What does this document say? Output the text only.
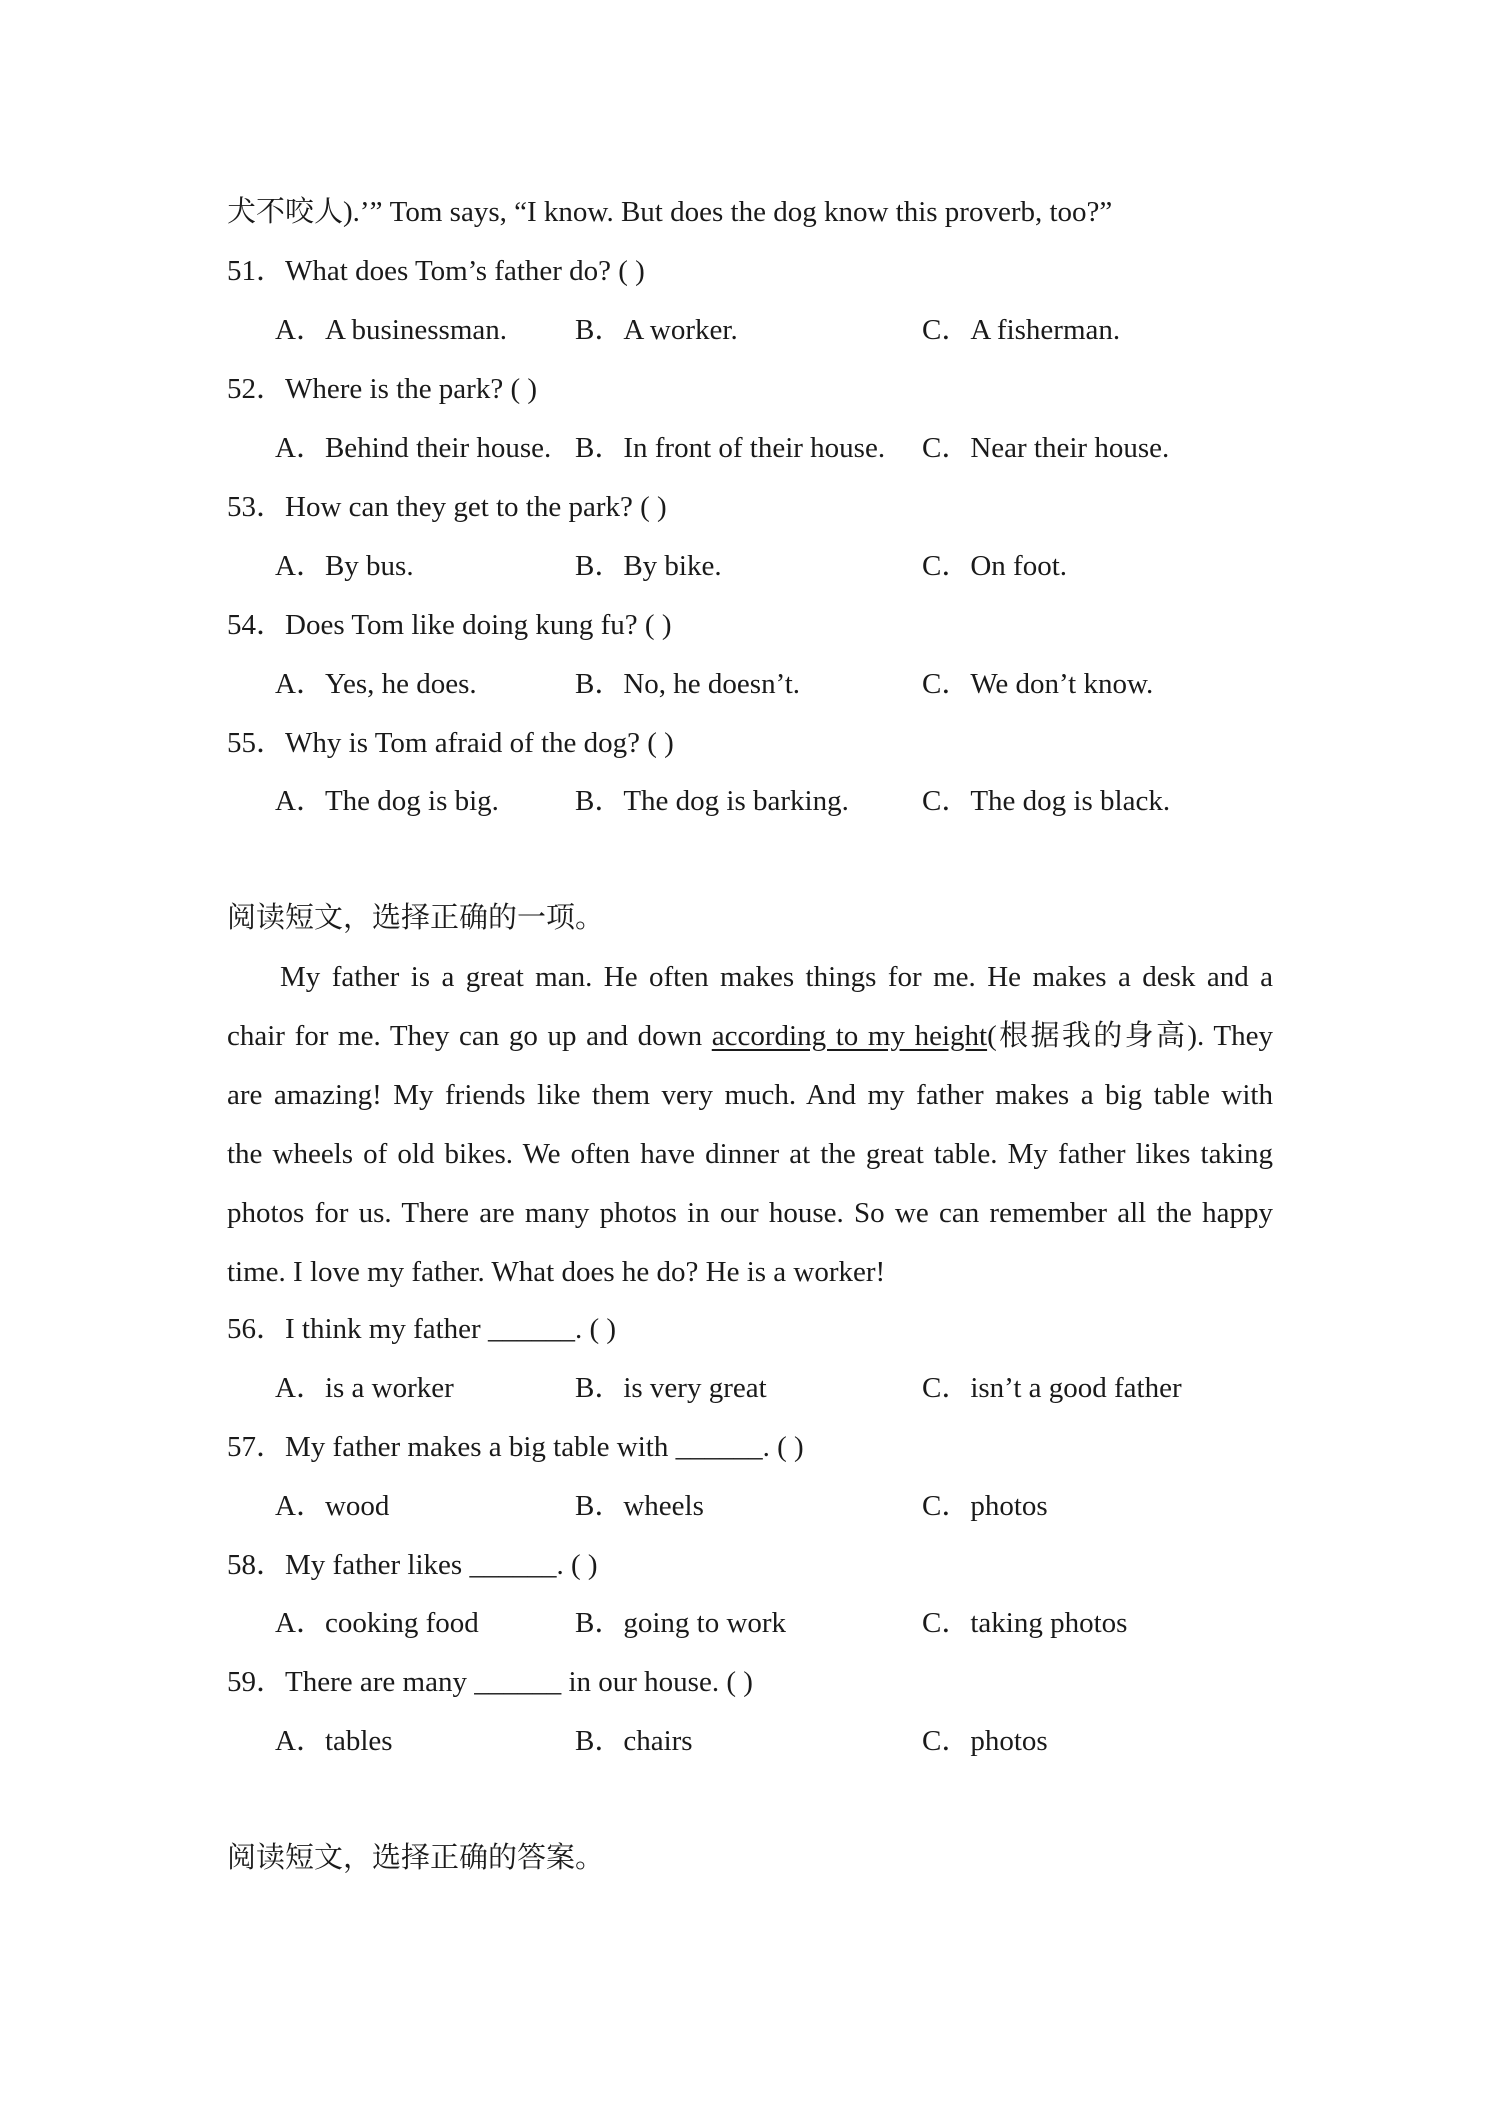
犬不咬人).’” Tom says, “I know. But does the dog know this proverb, too?”
51．What does Tom’s father do? ( )
A．A businessman. B．A worker.	C．A fisherman.
52．Where is the park? ( )
A．Behind their house. B．In front of their house. C．Near their house.
53．How can they get to the park? ( )
A．By bus.	B．By bike.	C．On foot.
54．Does Tom like doing kung fu? ( )
A．Yes, he does.	B．No, he doesn’t.	C．We don’t know.
55．Why is Tom afraid of the dog? ( )
A．The dog is big.	B．The dog is barking.	C．The dog is black.
阅读短文，选择正确的一项。
My father is a great man. He often makes things for me. He makes a desk and a
chair for me. They can go up and down according to my height(根据我的身高). They
are amazing! My friends like them very much. And my father makes a big table with
the wheels of old bikes. We often have dinner at the great table. My father likes taking
photos for us. There are many photos in our house. So we can remember all the happy
time. I love my father. What does he do? He is a worker!
56．I think my father ______. ( )
A．is a worker	B．is very great	C．isn’t a good father
57．My father makes a big table with ______. ( )
A．wood	B．wheels	C．photos
58．My father likes ______. ( )
A．cooking food	B．going to work	C．taking photos
59．There are many ______ in our house. ( )
A．tables	B．chairs	C．photos
阅读短文，选择正确的答案。
